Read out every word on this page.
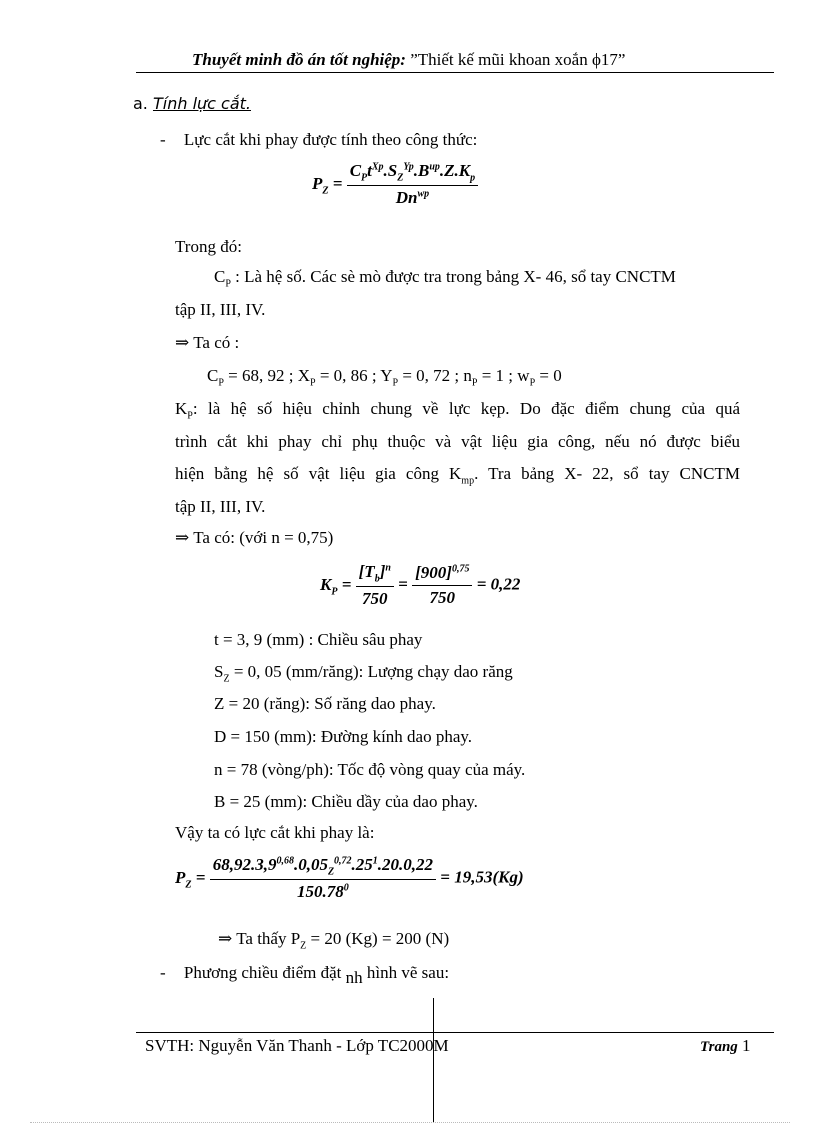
Thuyết minh đồ án tốt nghiệp: ”Thiết kế mũi khoan xoắn ϕ17”
a. Tính lực cắt.
- Lực cắt khi phay được tính theo công thức:
$P_Z = \frac{C_Pt^{Xp}.S_Z^{Yp}.B^{up}.Z.K_p}{Dn^{wp}}$
Trong đó:
$C_P$ : Là hệ số. Các sè mò được tra trong bảng X- 46, sổ tay CNCTM
tập II, III, IV.
⇒ Ta có :
$C_P = 68$, 92 ; $X_P = 0$, 86 ; $Y_P = 0$, 72 ; $n_P = 1$ ; $w_P = 0$
$K_P$: là hệ số hiệu chỉnh chung về lực kẹp. Do đặc điểm chung của quá
trình cắt khi phay chỉ phụ thuộc và vật liệu gia công, nếu nó được biểu
hiện bằng hệ số vật liệu gia công $K_{mp}$. Tra bảng X- 22, sổ tay CNCTM
tập II, III, IV.
⇒ Ta có: (với n = 0,75)
$K_P = \frac{[T_b]^n}{750} = \frac{[900]^{0,75}}{750} = 0,22$
t = 3, 9 (mm) : Chiều sâu phay
$S_Z = 0$, 05 (mm/răng): Lượng chạy dao răng
Z = 20 (răng): Số răng dao phay.
D = 150 (mm): Đường kính dao phay.
n = 78 (vòng/ph): Tốc độ vòng quay của máy.
B = 25 (mm): Chiều dầy của dao phay.
Vậy ta có lực cắt khi phay là:
$P_Z = \frac{68,92.3,9^{0,68}.0,05_Z^{0,72}.25^1.20.0,22}{150.78^0} = 19,53(Kg)$
⇒ Ta thấy $P_Z = 20$ (Kg) = 200 (N)
- Phương chiều điểm đặt nh hình vẽ sau:
SVTH: Nguyễn Văn Thanh - Lớp TC2000M	Trang 1
